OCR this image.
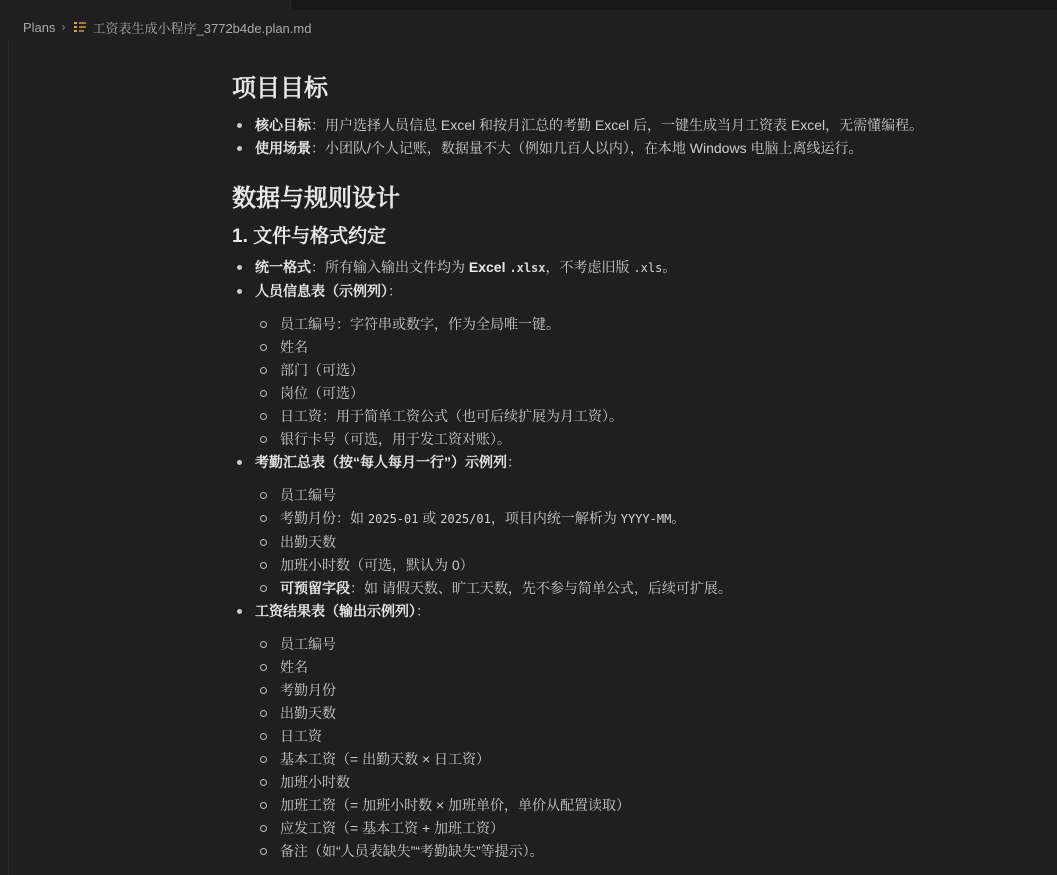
Plans › 工资表生成小程序_3772b4de.plan.md
项目目标
核心目标：用户选择人员信息 Excel 和按月汇总的考勤 Excel 后，一键生成当月工资表 Excel，无需懂编程。
使用场景：小团队/个人记账，数据量不大（例如几百人以内），在本地 Windows 电脑上离线运行。
数据与规则设计
1. 文件与格式约定
统一格式：所有输入输出文件均为 Excel .xlsx，不考虑旧版 .xls。
人员信息表（示例列）：
员工编号：字符串或数字，作为全局唯一键。
姓名
部门（可选）
岗位（可选）
日工资：用于简单工资公式（也可后续扩展为月工资）。
银行卡号（可选，用于发工资对账）。
考勤汇总表（按“每人每月一行”）示例列：
员工编号
考勤月份：如 2025-01 或 2025/01，项目内统一解析为 YYYY-MM。
出勤天数
加班小时数（可选，默认为 0）
可预留字段：如 请假天数、旷工天数，先不参与简单公式，后续可扩展。
工资结果表（输出示例列）：
员工编号
姓名
考勤月份
出勤天数
日工资
基本工资（= 出勤天数 × 日工资）
加班小时数
加班工资（= 加班小时数 × 加班单价，单价从配置读取）
应发工资（= 基本工资 + 加班工资）
备注（如“人员表缺失”“考勤缺失”等提示）。
